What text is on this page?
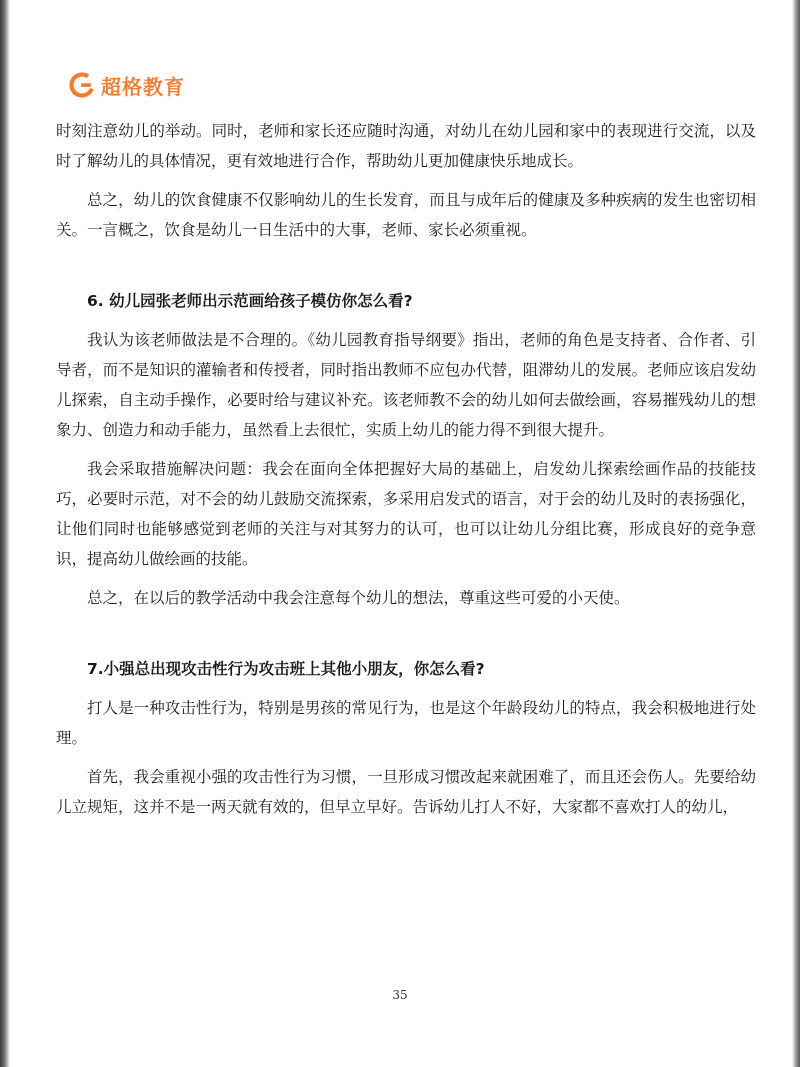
超格教育

时刻注意幼儿的举动。同时，老师和家长还应随时沟通，对幼儿在幼儿园和家中的表现进行交流，以及时了解幼儿的具体情况，更有效地进行合作，帮助幼儿更加健康快乐地成长。

总之，幼儿的饮食健康不仅影响幼儿的生长发育，而且与成年后的健康及多种疾病的发生也密切相关。一言概之，饮食是幼儿一日生活中的大事，老师、家长必须重视。

6. 幼儿园张老师出示范画给孩子模仿你怎么看?

我认为该老师做法是不合理的。《幼儿园教育指导纲要》指出，老师的角色是支持者、合作者、引导者，而不是知识的灌输者和传授者，同时指出教师不应包办代替，阻滞幼儿的发展。老师应该启发幼儿探索，自主动手操作，必要时给与建议补充。该老师教不会的幼儿如何去做绘画，容易摧残幼儿的想象力、创造力和动手能力，虽然看上去很忙，实质上幼儿的能力得不到很大提升。

我会采取措施解决问题：我会在面向全体把握好大局的基础上，启发幼儿探索绘画作品的技能技巧，必要时示范，对不会的幼儿鼓励交流探索，多采用启发式的语言，对于会的幼儿及时的表扬强化，让他们同时也能够感觉到老师的关注与对其努力的认可，也可以让幼儿分组比赛，形成良好的竞争意识，提高幼儿做绘画的技能。

总之，在以后的教学活动中我会注意每个幼儿的想法，尊重这些可爱的小天使。

7.小强总出现攻击性行为攻击班上其他小朋友，你怎么看?

打人是一种攻击性行为，特别是男孩的常见行为，也是这个年龄段幼儿的特点，我会积极地进行处理。

首先，我会重视小强的攻击性行为习惯，一旦形成习惯改起来就困难了，而且还会伤人。先要给幼儿立规矩，这并不是一两天就有效的，但早立早好。告诉幼儿打人不好，大家都不喜欢打人的幼儿，

35
